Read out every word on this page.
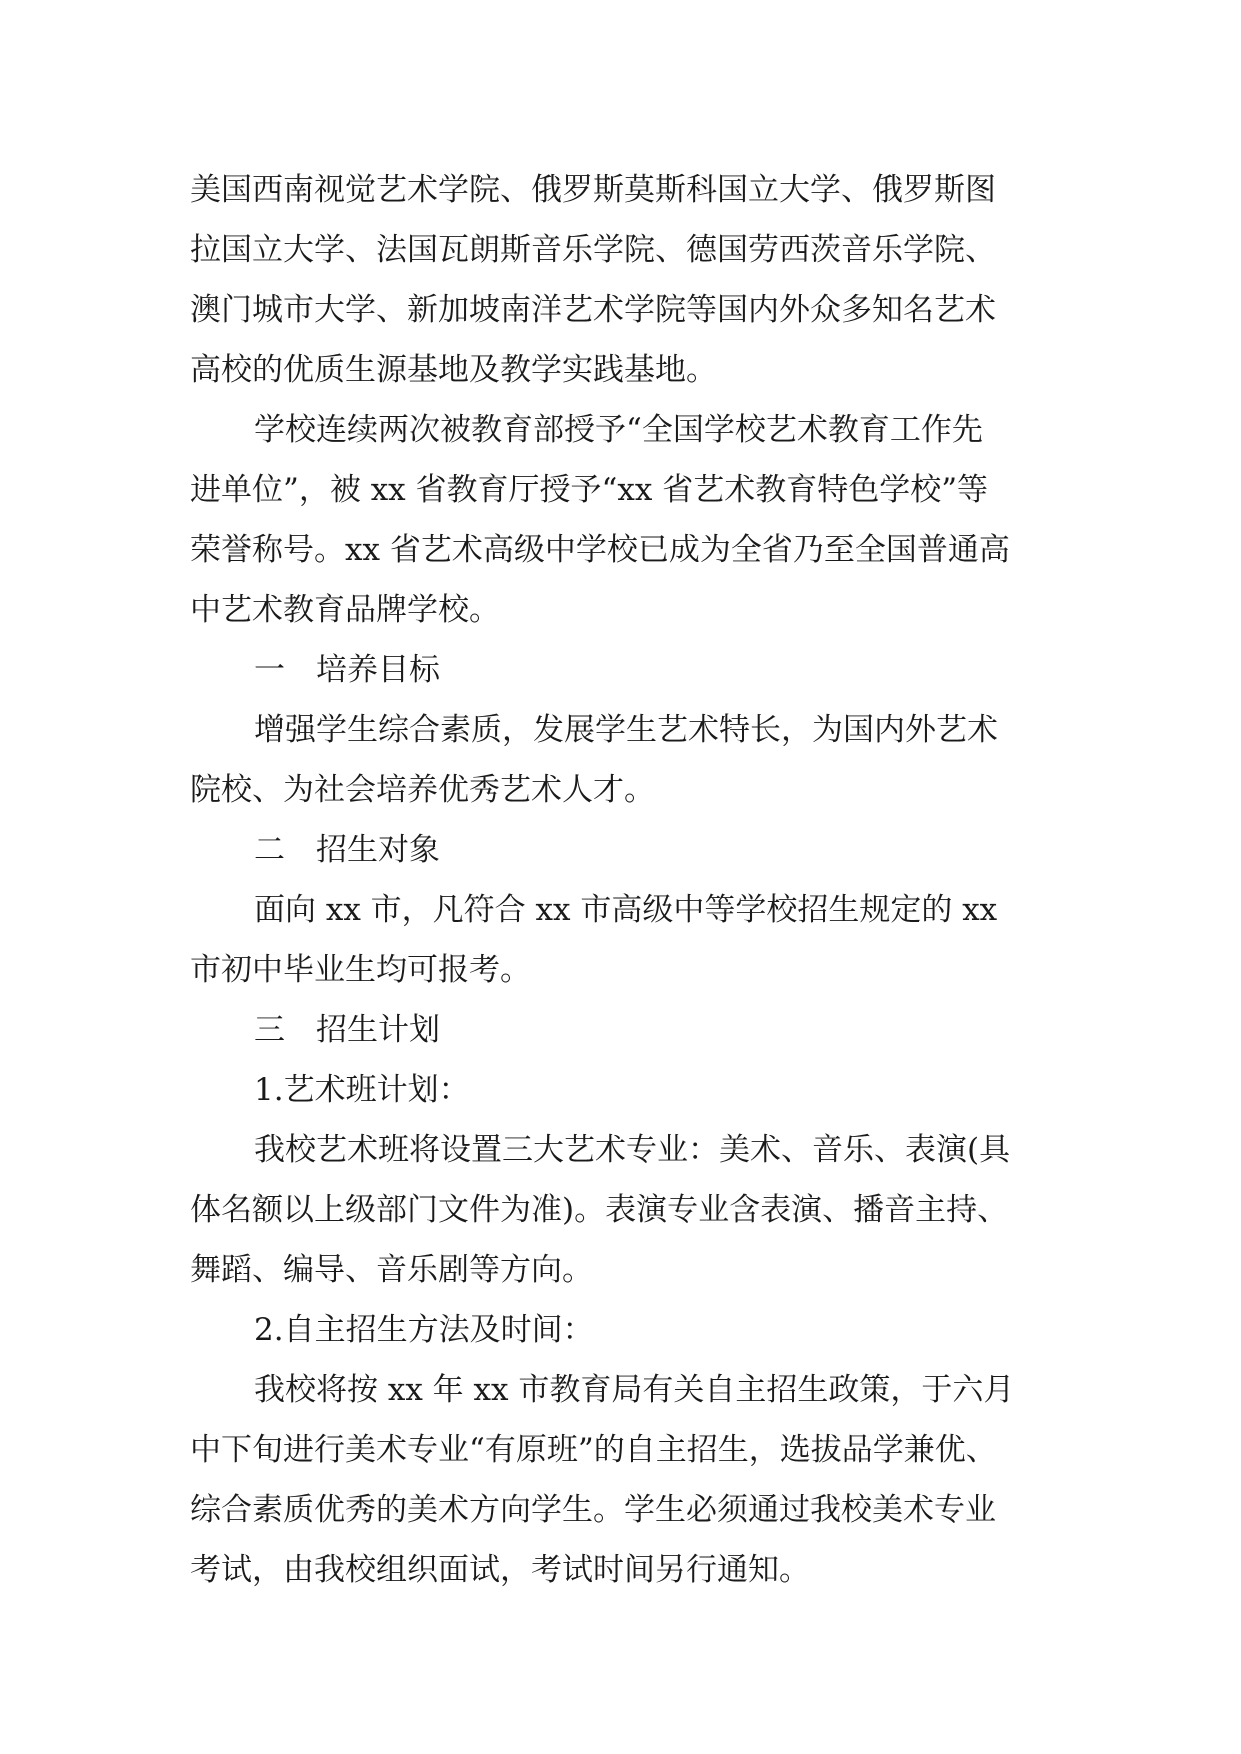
美国西南视觉艺术学院、俄罗斯莫斯科国立大学、俄罗斯图
拉国立大学、法国瓦朗斯音乐学院、德国劳西茨音乐学院、
澳门城市大学、新加坡南洋艺术学院等国内外众多知名艺术
高校的优质生源基地及教学实践基地。
学校连续两次被教育部授予“全国学校艺术教育工作先
进单位”，被 xx 省教育厅授予“xx 省艺术教育特色学校”等
荣誉称号。xx 省艺术高级中学校已成为全省乃至全国普通高
中艺术教育品牌学校。
一 培养目标
增强学生综合素质，发展学生艺术特长，为国内外艺术
院校、为社会培养优秀艺术人才。
二 招生对象
面向 xx 市，凡符合 xx 市高级中等学校招生规定的 xx
市初中毕业生均可报考。
三 招生计划
1.艺术班计划：
我校艺术班将设置三大艺术专业：美术、音乐、表演(具
体名额以上级部门文件为准)。表演专业含表演、播音主持、
舞蹈、编导、音乐剧等方向。
2.自主招生方法及时间：
我校将按 xx 年 xx 市教育局有关自主招生政策，于六月
中下旬进行美术专业“有原班”的自主招生，选拔品学兼优、
综合素质优秀的美术方向学生。学生必须通过我校美术专业
考试，由我校组织面试，考试时间另行通知。
